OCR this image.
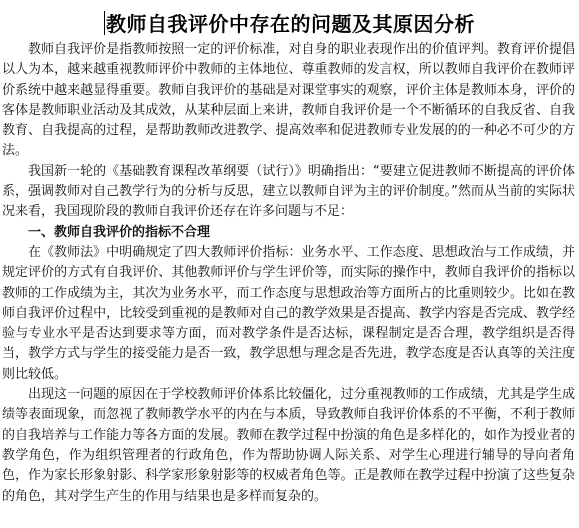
教师自我评价中存在的问题及其原因分析

教师自我评价是指教师按照一定的评价标准，对自身的职业表现作出的价值评判。教育评价提倡以人为本，越来越重视教师评价中教师的主体地位、尊重教师的发言权，所以教师自我评价在教师评价系统中越来越显得重要。教师自我评价的基础是对课堂事实的观察，评价主体是教师本身，评价的客体是教师职业活动及其成效，从某种层面上来讲，教师自我评价是一个不断循环的自我反省、自我教育、自我提高的过程，是帮助教师改进教学、提高效率和促进教师专业发展的的一种必不可少的方法。

我国新一轮的《基础教育课程改革纲要（试行）》明确指出：“要建立促进教师不断提高的评价体系，强调教师对自己教学行为的分析与反思，建立以教师自评为主的评价制度。”然而从当前的实际状况来看，我国现阶段的教师自我评价还存在许多问题与不足：

一、教师自我评价的指标不合理

在《教师法》中明确规定了四大教师评价指标：业务水平、工作态度、思想政治与工作成绩，并规定评价的方式有自我评价、其他教师评价与学生评价等，而实际的操作中，教师自我评价的指标以教师的工作成绩为主，其次为业务水平，而工作态度与思想政治等方面所占的比重则较少。比如在教师自我评价过程中，比较受到重视的是教师对自己的教学效果是否提高、教学内容是否完成、教学经验与专业水平是否达到要求等方面，而对教学条件是否达标，课程制定是否合理，教学组织是否得当，教学方式与学生的接受能力是否一致，教学思想与理念是否先进，教学态度是否认真等的关注度则比较低。

出现这一问题的原因在于学校教师评价体系比较僵化，过分重视教师的工作成绩，尤其是学生成绩等表面现象，而忽视了教师教学水平的内在与本质，导致教师自我评价体系的不平衡，不利于教师的自我培养与工作能力等各方面的发展。教师在教学过程中扮演的角色是多样化的，如作为授业者的教学角色，作为组织管理者的行政角色，作为帮助协调人际关系、对学生心理进行辅导的导向者角色，作为家长形象射影、科学家形象射影等的权威者角色等。正是教师在教学过程中扮演了这些复杂的角色，其对学生产生的作用与结果也是多样而复杂的。
